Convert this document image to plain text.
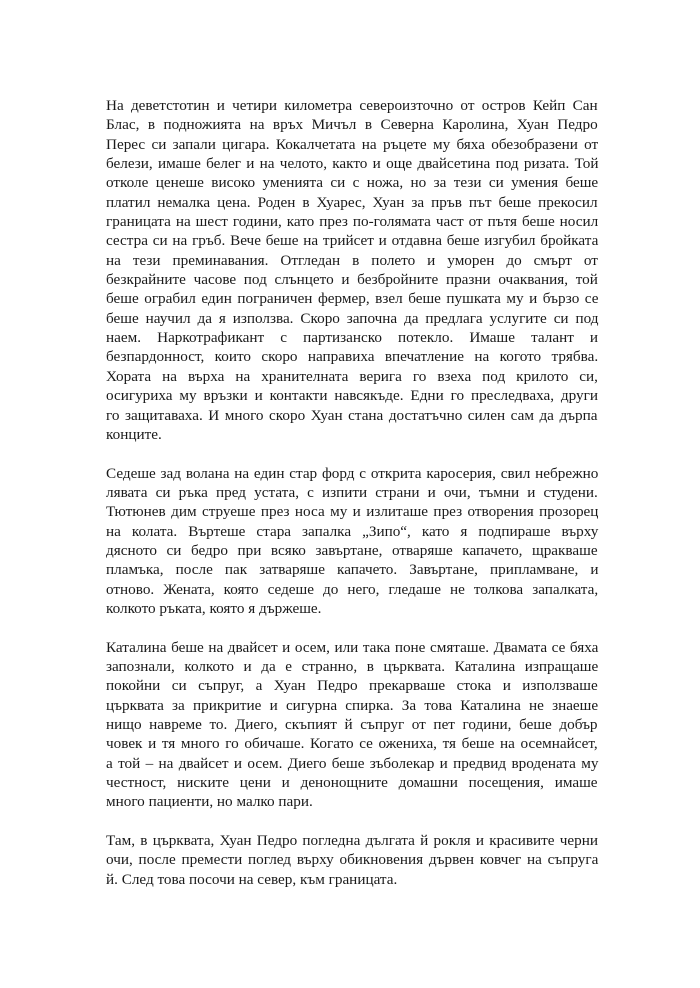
На деветстотин и четири километра североизточно от остров Кейп Сан
Блас, в подножията на връх Мичъл в Северна Каролина, Хуан Педро
Перес си запали цигара. Кокалчетата на ръцете му бяха обезобразени от
белези, имаше белег и на челото, както и още двайсетина под ризата. Той
отколе ценеше високо уменията си с ножа, но за тези си умения беше
платил немалка цена. Роден в Хуарес, Хуан за пръв път беше прекосил
границата на шест години, като през по-голямата част от пътя беше носил
сестра си на гръб. Вече беше на трийсет и отдавна беше изгубил бройката
на тези преминавания. Отгледан в полето и уморен до смърт от
безкрайните часове под слънцето и безбройните празни очаквания, той
беше ограбил един пограничен фермер, взел беше пушката му и бързо се
беше научил да я използва. Скоро започна да предлага услугите си под
наем. Наркотрафикант с партизанско потекло. Имаше талант и
безпардонност, които скоро направиха впечатление на когото трябва.
Хората на върха на хранителната верига го взеха под крилото си,
осигуриха му връзки и контакти навсякъде. Едни го преследваха, други
го защитаваха. И много скоро Хуан стана достатъчно силен сам да дърпа
конците.

Седеше зад волана на един стар форд с открита каросерия, свил небрежно
лявата си ръка пред устата, с изпити страни и очи, тъмни и студени.
Тютюнев дим струеше през носа му и излиташе през отворения прозорец
на колата. Въртеше стара запалка „Зипо“, като я подпираше върху
дясното си бедро при всяко завъртане, отваряше капачето, щракваше
пламъка, после пак затваряше капачето. Завъртане, припламване, и
отново. Жената, която седеше до него, гледаше не толкова запалката,
колкото ръката, която я държеше.

Каталина беше на двайсет и осем, или така поне смяташе. Двамата се бяха
запознали, колкото и да е странно, в църквата. Каталина изпращаше
покойни си съпруг, а Хуан Педро прекарваше стока и използваше
църквата за прикритие и сигурна спирка. За това Каталина не знаеше
нищо навреме то. Диего, скъпият й съпруг от пет години, беше добър
човек и тя много го обичаше. Когато се ожениха, тя беше на осемнайсет,
а той – на двайсет и осем. Диего беше зъболекар и предвид вродената му
честност, ниските цени и денонощните домашни посещения, имаше
много пациенти, но малко пари.

Там, в църквата, Хуан Педро погледна дългата й рокля и красивите черни
очи, после премести поглед върху обикновения дървен ковчег на съпруга
й. След това посочи на север, към границата.
